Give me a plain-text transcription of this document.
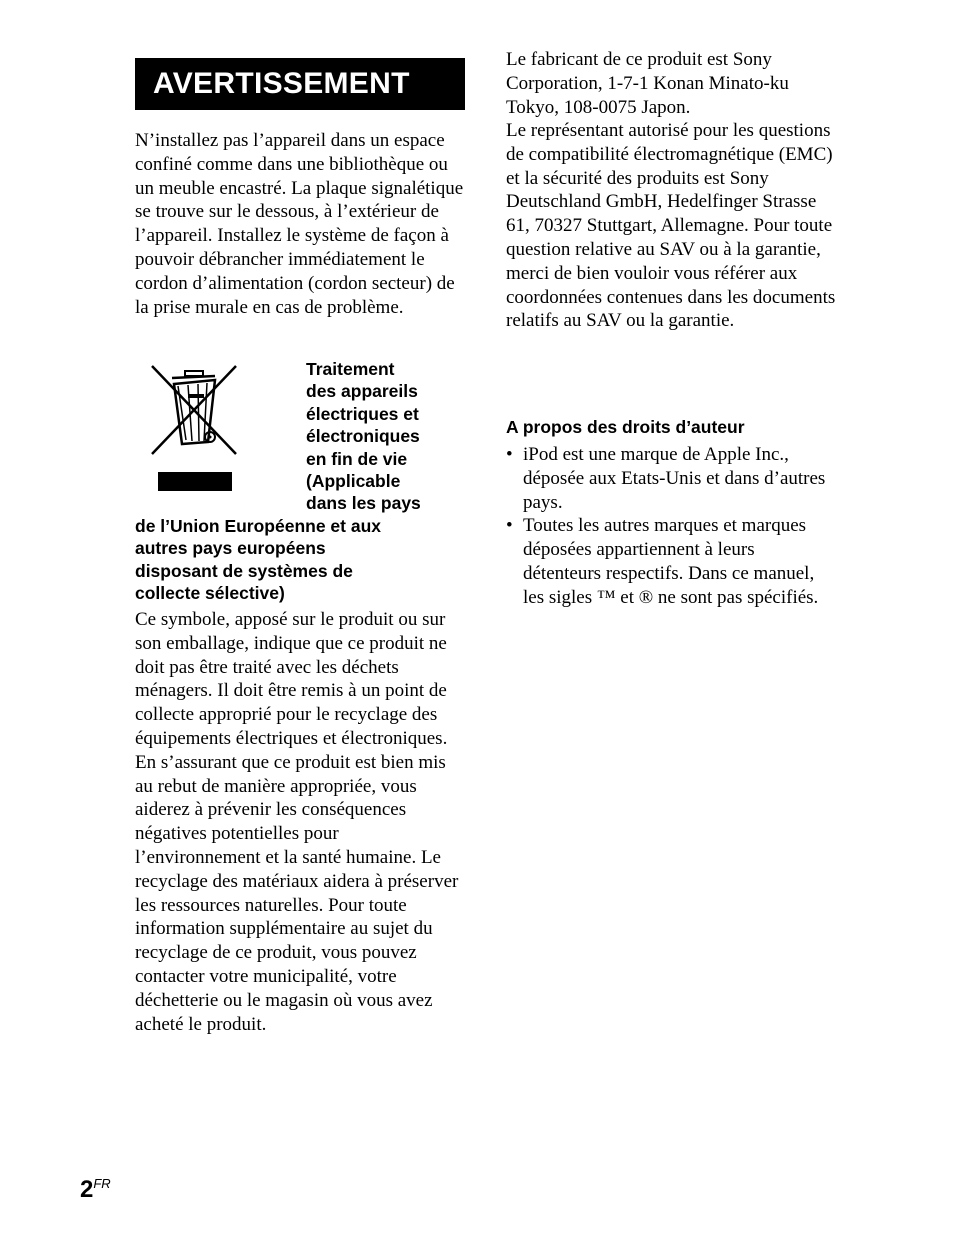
AVERTISSEMENT

N’installez pas l’appareil dans un espace confiné comme dans une bibliothèque ou un meuble encastré. La plaque signalétique se trouve sur le dessous, à l’extérieur de l’appareil. Installez le système de façon à pouvoir débrancher immédiatement le cordon d’alimentation (cordon secteur) de la prise murale en cas de problème.

Traitement
des appareils
électriques et
électroniques
en fin de vie
(Applicable
dans les pays
de l’Union Européenne et aux
autres pays européens
disposant de systèmes de
collecte sélective)

Ce symbole, apposé sur le produit ou sur son emballage, indique que ce produit ne doit pas être traité avec les déchets ménagers. Il doit être remis à un point de collecte approprié pour le recyclage des équipements électriques et électroniques. En s’assurant que ce produit est bien mis au rebut de manière appropriée, vous aiderez à prévenir les conséquences négatives potentielles pour l’environnement et la santé humaine. Le recyclage des matériaux aidera à préserver les ressources naturelles. Pour toute information supplémentaire au sujet du recyclage de ce produit, vous pouvez contacter votre municipalité, votre déchetterie ou le magasin où vous avez acheté le produit.

Le fabricant de ce produit est Sony Corporation, 1-7-1 Konan Minato-ku Tokyo, 108-0075 Japon.

Le représentant autorisé pour les questions de compatibilité électromagnétique (EMC) et la sécurité des produits est Sony Deutschland GmbH, Hedelfinger Strasse 61, 70327 Stuttgart, Allemagne. Pour toute question relative au SAV ou à la garantie, merci de bien vouloir vous référer aux coordonnées contenues dans les documents relatifs au SAV ou la garantie.

A propos des droits d’auteur
• iPod est une marque de Apple Inc., déposée aux Etats-Unis et dans d’autres pays.
• Toutes les autres marques et marques déposées appartiennent à leurs détenteurs respectifs. Dans ce manuel, les sigles ™ et ® ne sont pas spécifiés.
$2^{FR}$
